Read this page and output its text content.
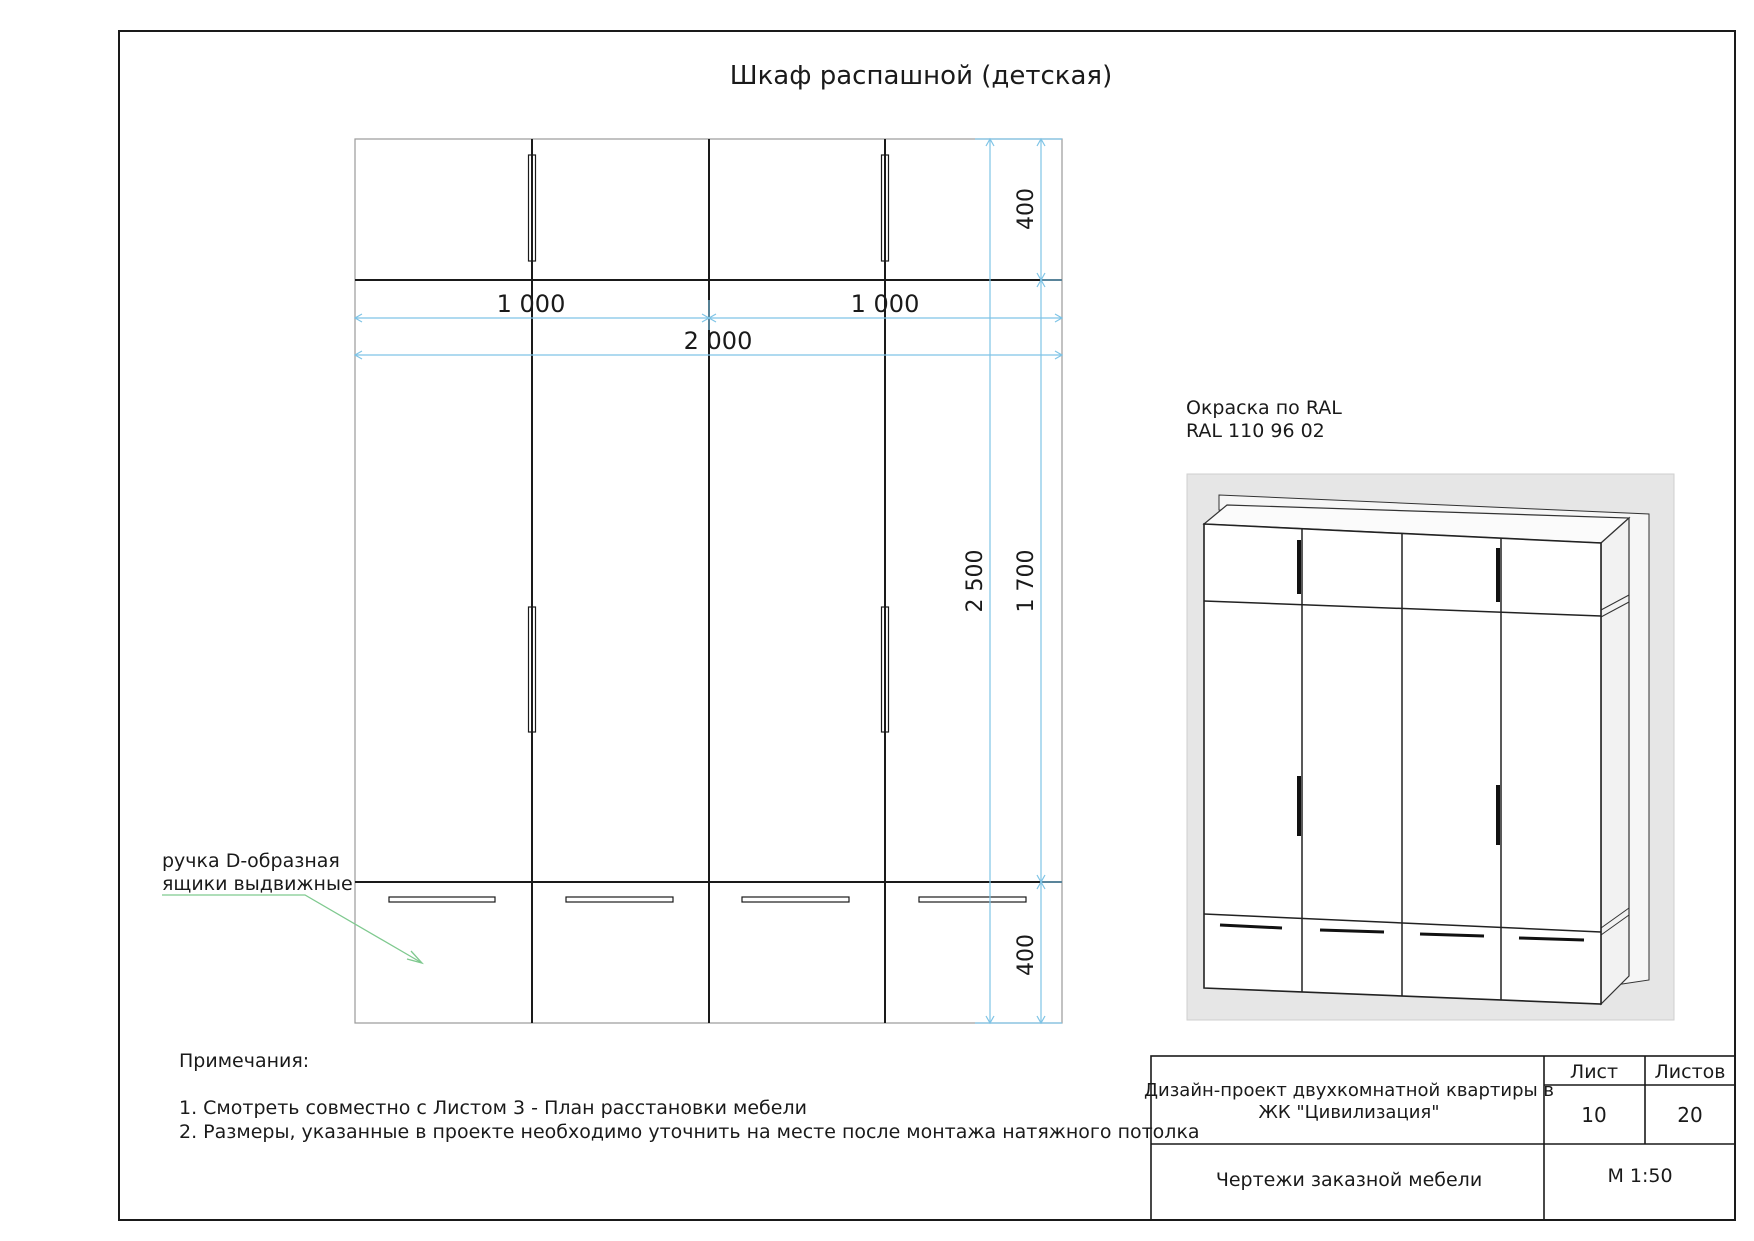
Шкаф распашной (детская)
1 000	1 000
2 000
400
1 700
400
2 500
ручка D-образная
ящики выдвижные
Окраска по RAL
RAL 110 96 02
Примечания:
1. Смотреть совместно с Листом 3 - План расстановки мебели
2. Размеры, указанные в проекте необходимо уточнить на месте после монтажа натяжного потолка
Дизайн-проект двухкомнатной квартиры в
ЖК "Цивилизация"
Лист Листов
10	20
Чертежи заказной мебели	М 1:50
